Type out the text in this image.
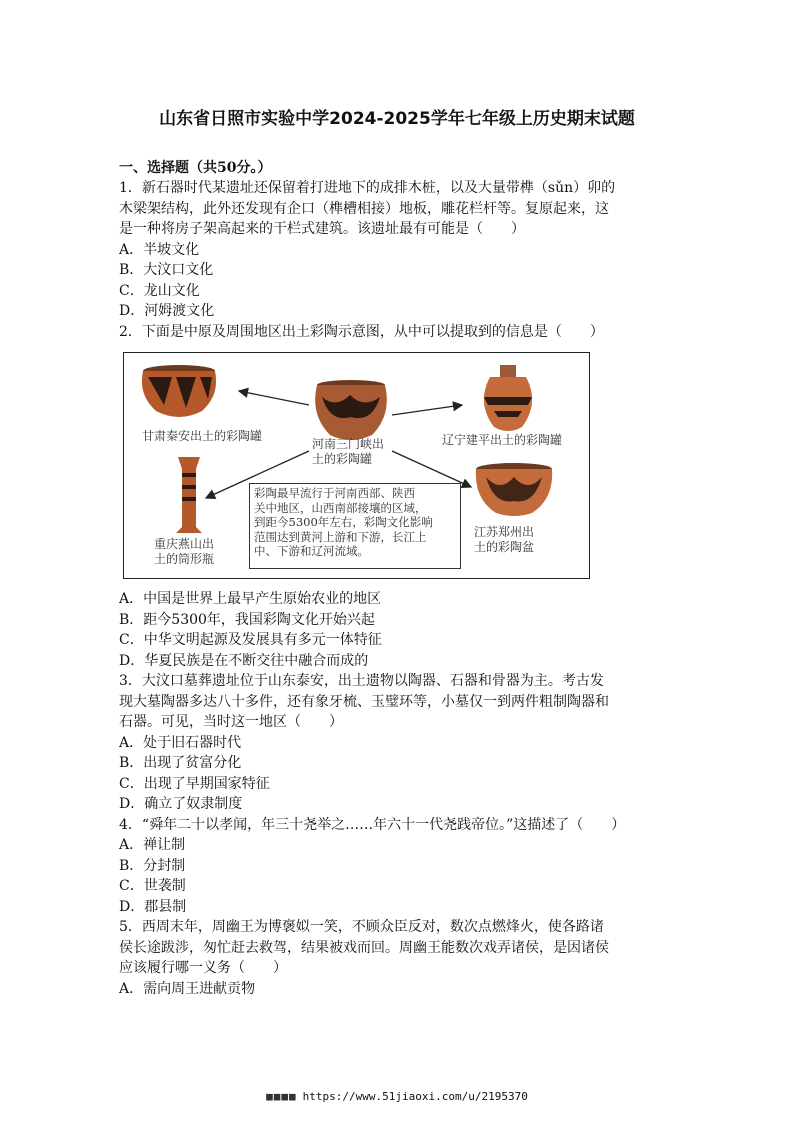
山东省日照市实验中学2024-2025学年七年级上历史期末试题
一、选择题（共50分。）
1．新石器时代某遗址还保留着打进地下的成排木桩，以及大量带榫（sǔn）卯的
木梁架结构，此外还发现有企口（榫槽相接）地板，雕花栏杆等。复原起来，这
是一种将房子架高起来的干栏式建筑。该遗址最有可能是（　　）
A．半坡文化
B．大汶口文化
C．龙山文化
D．河姆渡文化
2．下面是中原及周围地区出土彩陶示意图，从中可以提取到的信息是（　　）
甘肃秦安出土的彩陶罐
河南三门峡出
土的彩陶罐
辽宁建平出土的彩陶罐
重庆燕山出
土的筒形瓶
江苏郑州出
土的彩陶盆
彩陶最早流行于河南西部、陕西
关中地区，山西南部接壤的区域，
到距今5300年左右，彩陶文化影响
范围达到黄河上游和下游，长江上
中、下游和辽河流域。
A．中国是世界上最早产生原始农业的地区
B．距今5300年，我国彩陶文化开始兴起
C．中华文明起源及发展具有多元一体特征
D．华夏民族是在不断交往中融合而成的
3．大汶口墓葬遗址位于山东泰安，出土遗物以陶器、石器和骨器为主。考古发
现大墓陶器多达八十多件，还有象牙梳、玉璧环等，小墓仅一到两件粗制陶器和
石器。可见，当时这一地区（　　）
A．处于旧石器时代
B．出现了贫富分化
C．出现了早期国家特征
D．确立了奴隶制度
4．“舜年二十以孝闻，年三十尧举之……年六十一代尧践帝位。”这描述了（　　）
A．禅让制
B．分封制
C．世袭制
D．郡县制
5．西周末年，周幽王为博褒姒一笑，不顾众臣反对，数次点燃烽火，使各路诸
侯长途跋涉，匆忙赶去救驾，结果被戏而回。周幽王能数次戏弄诸侯，是因诸侯
应该履行哪一义务（　　）
A．需向周王进献贡物
■■■■ https://www.51jiaoxi.com/u/2195370
